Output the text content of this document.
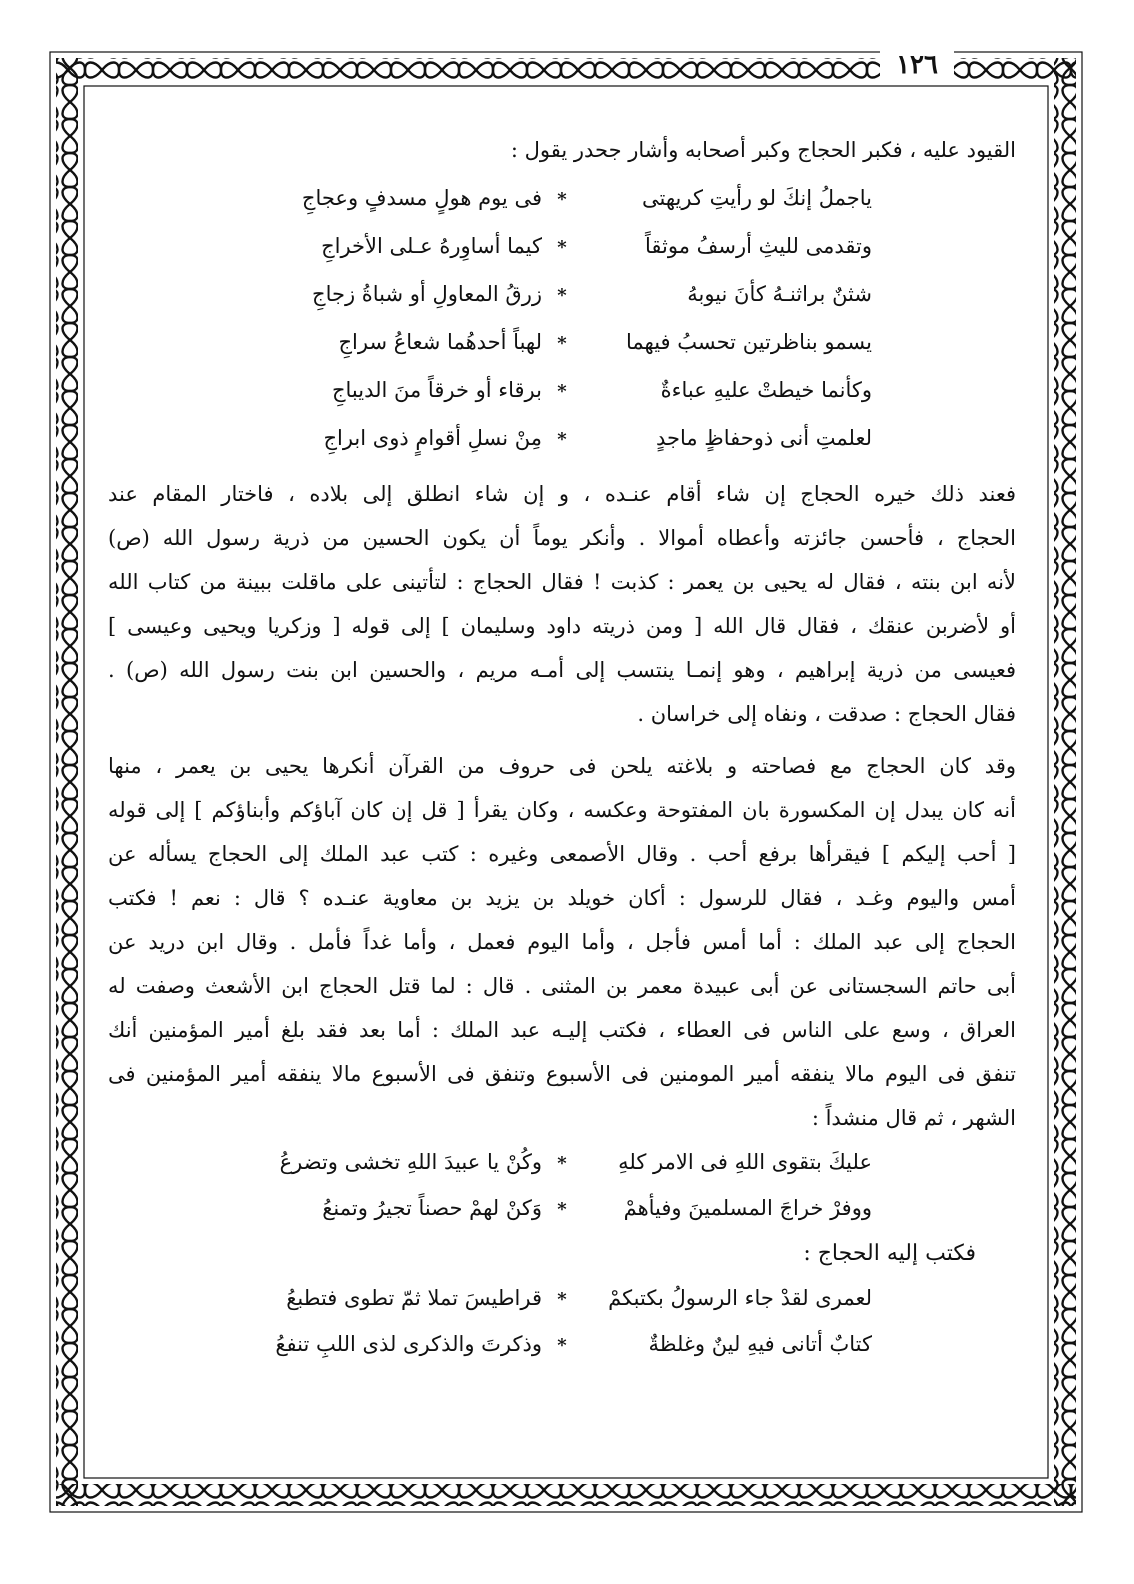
١٢٦
القيود عليه ، فكبر الحجاج وكبر أصحابه وأشار جحدر يقول :
ياجملُ إنكَ لو رأيتِ كريهتى
*
فى يوم هولٍ مسدفٍ وعجاجِ
وتقدمى لليثِ أرسفُ موثقاً
*
كيما أساوِرهُ عـلى الأخراجِ
شثنٌ براثنـهُ كأنَ نيوبهُ
*
زرقُ المعاولِ أو شباةُ زجاجِ
يسمو بناظرتين تحسبُ فيهما
*
لهباً أحدهُما شعاعُ سراجِ
وكأنما خيطتْ عليهِ عباءةٌ
*
برقاء أو خرقاً منَ الديباجِ
لعلمتِ أنى ذوحفاظٍ ماجدٍ
*
مِنْ نسلِ أقوامٍ ذوى ابراجِ
فعند ذلك خيره الحجاج إن شاء أقام عنـده ، و إن شاء انطلق إلى بلاده ، فاختار المقام عند
الحجاج ، فأحسن جائزته وأعطاه أموالا . وأنكر يوماً أن يكون الحسين من ذرية رسول الله (ص)
لأنه ابن بنته ، فقال له يحيى بن يعمر : كذبت ! فقال الحجاج : لتأتينى على ماقلت ببينة من كتاب الله
أو لأضربن عنقك ، فقال قال الله [ ومن ذريته داود وسليمان ] إلى قوله [ وزكريا ويحيى وعيسى ]
فعيسى من ذرية إبراهيم ، وهو إنمـا ينتسب إلى أمـه مريم ، والحسين ابن بنت رسول الله (ص) .
فقال الحجاج : صدقت ، ونفاه إلى خراسان .
وقد كان الحجاج مع فصاحته و بلاغته يلحن فى حروف من القرآن أنكرها يحيى بن يعمر ، منها
أنه كان يبدل إن المكسورة بان المفتوحة وعكسه ، وكان يقرأ [ قل إن كان آباؤكم وأبناؤكم ] إلى قوله
[ أحب إليكم ] فيقرأها برفع أحب . وقال الأصمعى وغيره : كتب عبد الملك إلى الحجاج يسأله عن
أمس واليوم وغـد ، فقال للرسول : أكان خويلد بن يزيد بن معاوية عنـده ؟ قال : نعم ! فكتب
الحجاج إلى عبد الملك : أما أمس فأجل ، وأما اليوم فعمل ، وأما غداً فأمل . وقال ابن دريد عن
أبى حاتم السجستانى عن أبى عبيدة معمر بن المثنى . قال : لما قتل الحجاج ابن الأشعث وصفت له
العراق ، وسع على الناس فى العطاء ، فكتب إليـه عبد الملك : أما بعد فقد بلغ أمير المؤمنين أنك
تنفق فى اليوم مالا ينفقه أمير المومنين فى الأسبوع وتنفق فى الأسبوع مالا ينفقه أمير المؤمنين فى
الشهر ، ثم قال منشداً :
عليكَ بتقوى اللهِ فى الامر كلهِ
*
وكُنْ يا عبيدَ اللهِ تخشى وتضرعُ
ووفرْ خراجَ المسلمينَ وفيأهمْ
*
وَكنْ لهمْ حصناً تجيرُ وتمنعُ
فكتب إليه الحجاج :
لعمرى لقدْ جاء الرسولُ بكتبكمْ
*
قراطيسَ تملا ثمّ تطوى فتطبعُ
كتابٌ أتانى فيهِ لينٌ وغلظةٌ
*
وذكرتَ والذكرى لذى اللبِ تنفعُ
